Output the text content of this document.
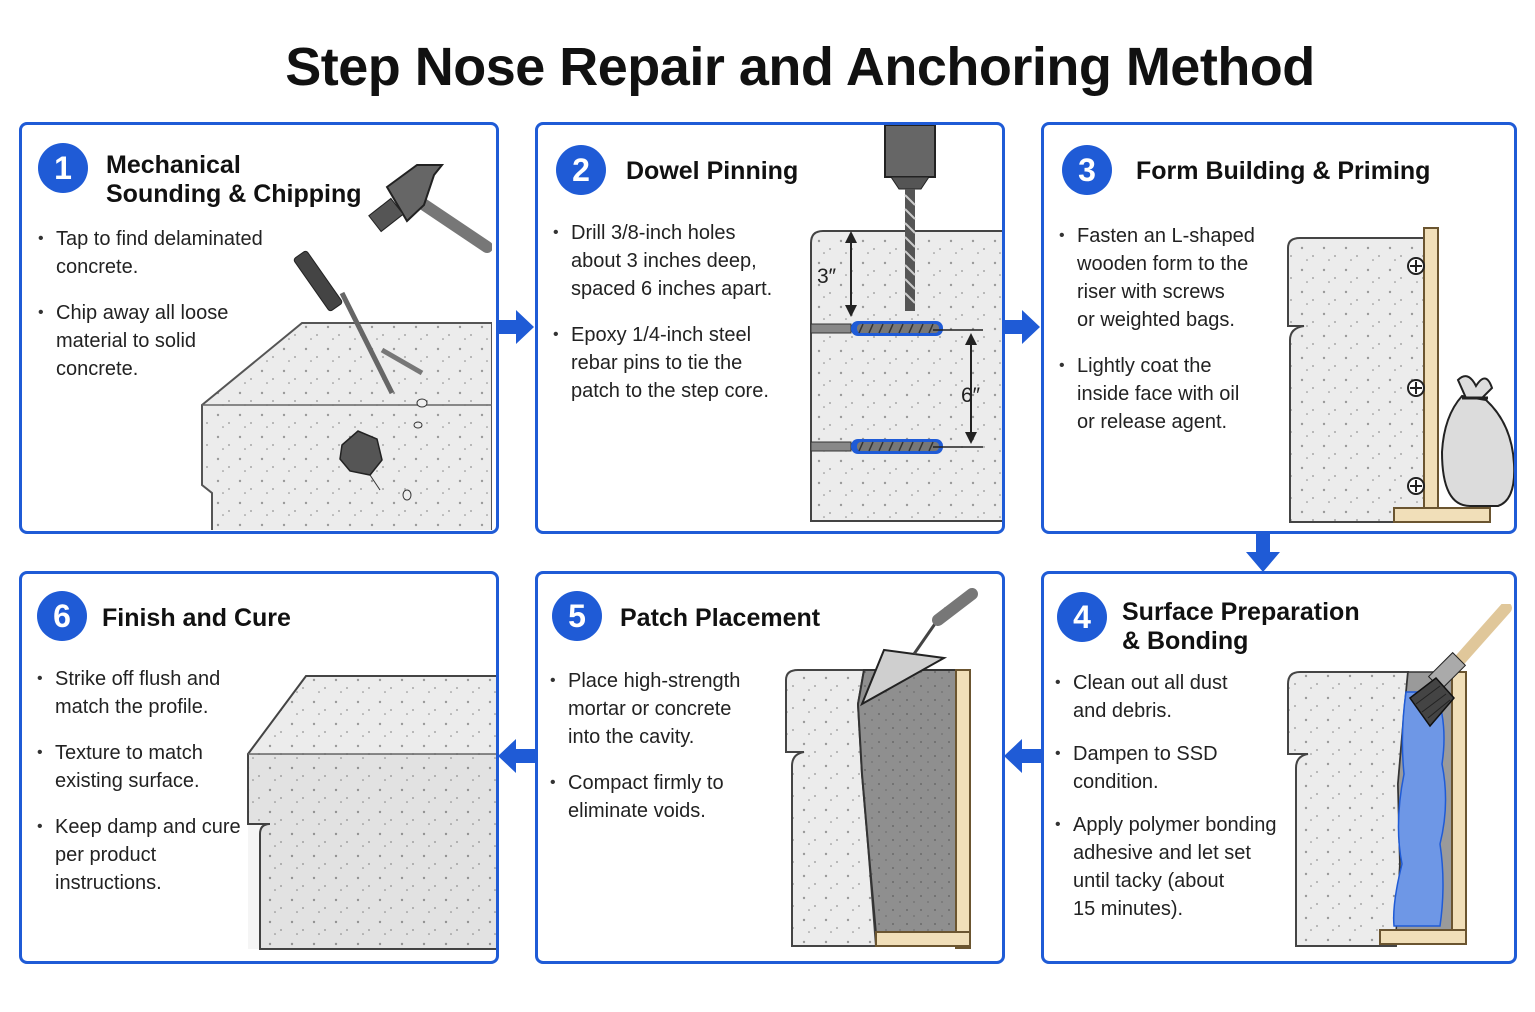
Step Nose Repair and Anchoring Method
1	Mechanical
Sounding & Chipping
• Tap to find delaminated
concrete.
• Chip away all loose
material to solid
concrete.
2	Dowel Pinning
• Drill 3/8-inch holes
about 3 inches deep,
spaced 6 inches apart.
• Epoxy 1/4-inch steel
rebar pins to tie the
patch to the step core.
3″
6″
3	Form Building & Priming
• Fasten an L-shaped
wooden form to the
riser with screws
or weighted bags.
• Lightly coat the
inside face with oil
or release agent.
6	Finish and Cure
• Strike off flush and
match the profile.
• Texture to match
existing surface.
• Keep damp and cure
per product
instructions.
5	Patch Placement
• Place high-strength
mortar or concrete
into the cavity.
• Compact firmly to
eliminate voids.
4	Surface Preparation
& Bonding
• Clean out all dust
and debris.
• Dampen to SSD
condition.
• Apply polymer bonding
adhesive and let set
until tacky (about
15 minutes).
